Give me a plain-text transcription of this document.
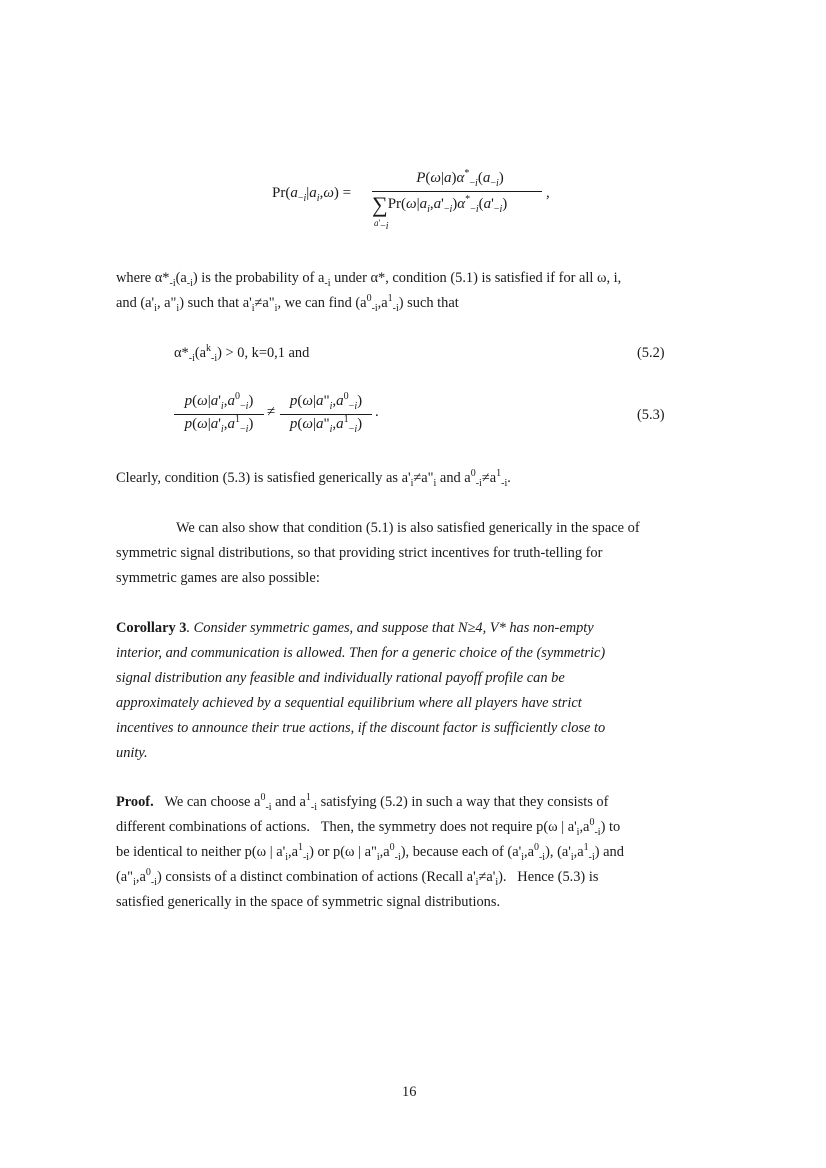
$Pr(a_{-i}|a_i,\omega)$ =
$P(\omega|a)\alpha^*_{-i}(a_{-i})$
$\sum Pr(\omega|a_i,a'_{-i})\alpha^*_{-i}(a'_{-i})$
$a'_{-i}$
,
where $\alpha*_{-i}(a_{-i})$ is the probability of $a_{-i}$ under α*, condition (5.1) is satisfied if for all ω, i,
and ($a'_i$, $a"_i$) such that $a'_i\ne a"_i$, we can find $(a^0_{-i},a^1_{-i})$ such that
$\alpha*_{-i}(a^k_{-i}) > 0$, k=0,1 and	(5.2)
$p(\omega|a'_i,a^0_{-i})$
$p(\omega|a'_i,a^1_{-i})$
≠
$p(\omega|a"_i,a^0_{-i})$
$p(\omega|a"_i,a^1_{-i})$
.	(5.3)
Clearly, condition (5.3) is satisfied generically as $a'_i\ne a"_i$ and $a^0_{-i}\ne a^1_{-i}$.
We can also show that condition (5.1) is also satisfied generically in the space of
symmetric signal distributions, so that providing strict incentives for truth-telling for
symmetric games are also possible:
Corollary 3. Consider symmetric games, and suppose that N≥4, V* has non-empty
interior, and communication is allowed. Then for a generic choice of the (symmetric)
signal distribution any feasible and individually rational payoff profile can be
approximately achieved by a sequential equilibrium where all players have strict
incentives to announce their true actions, if the discount factor is sufficiently close to
unity.
Proof.   We can choose $a^0_{-i}$ and $a^1_{-i}$ satisfying (5.2) in such a way that they consists of
different combinations of actions.   Then, the symmetry does not require p(ω | $a'_i,a^0_{-i}$) to
be identical to neither p(ω | $a'_i,a^1_{-i}$) or p(ω | $a"_i,a^0_{-i}$), because each of $(a'_i,a^0_{-i})$, $(a'_i,a^1_{-i})$ and
$(a"_i,a^0_{-i})$ consists of a distinct combination of actions (Recall $a'_i\ne a'_i$).   Hence (5.3) is
satisfied generically in the space of symmetric signal distributions.
16
